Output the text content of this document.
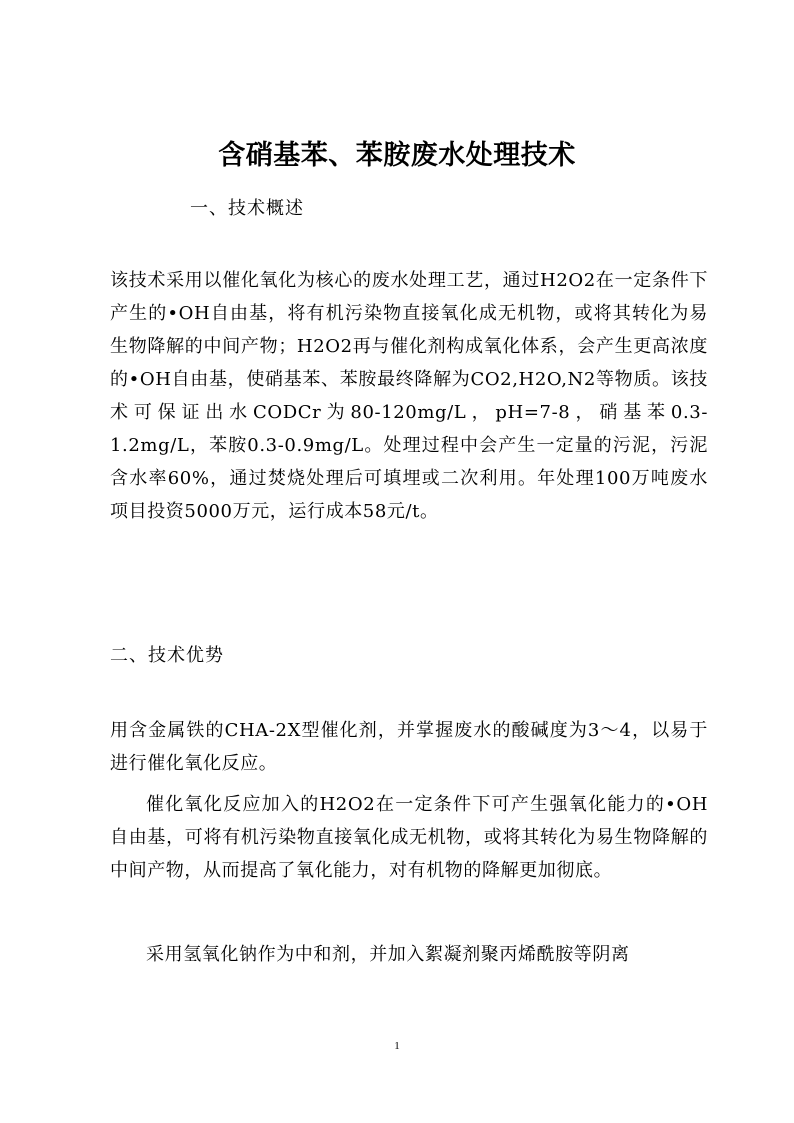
含硝基苯、苯胺废水处理技术
一、技术概述

该技术采用以催化氧化为核心的废水处理工艺，通过H2O2在一定条件下产生的•OH自由基，将有机污染物直接氧化成无机物，或将其转化为易生物降解的中间产物；H2O2再与催化剂构成氧化体系，会产生更高浓度的•OH自由基，使硝基苯、苯胺最终降解为CO2,H2O,N2等物质。该技术可保证出水CODCr为80-120mg/L，pH=7-8，硝基苯0.3-1.2mg/L，苯胺0.3-0.9mg/L。处理过程中会产生一定量的污泥，污泥含水率60%，通过焚烧处理后可填埋或二次利用。年处理100万吨废水项目投资5000万元，运行成本58元/t。

二、技术优势

用含金属铁的CHA-2X型催化剂，并掌握废水的酸碱度为3～4，以易于进行催化氧化反应。

催化氧化反应加入的H2O2在一定条件下可产生强氧化能力的•OH自由基，可将有机污染物直接氧化成无机物，或将其转化为易生物降解的中间产物，从而提高了氧化能力，对有机物的降解更加彻底。

采用氢氧化钠作为中和剂，并加入絮凝剂聚丙烯酰胺等阴离

1
